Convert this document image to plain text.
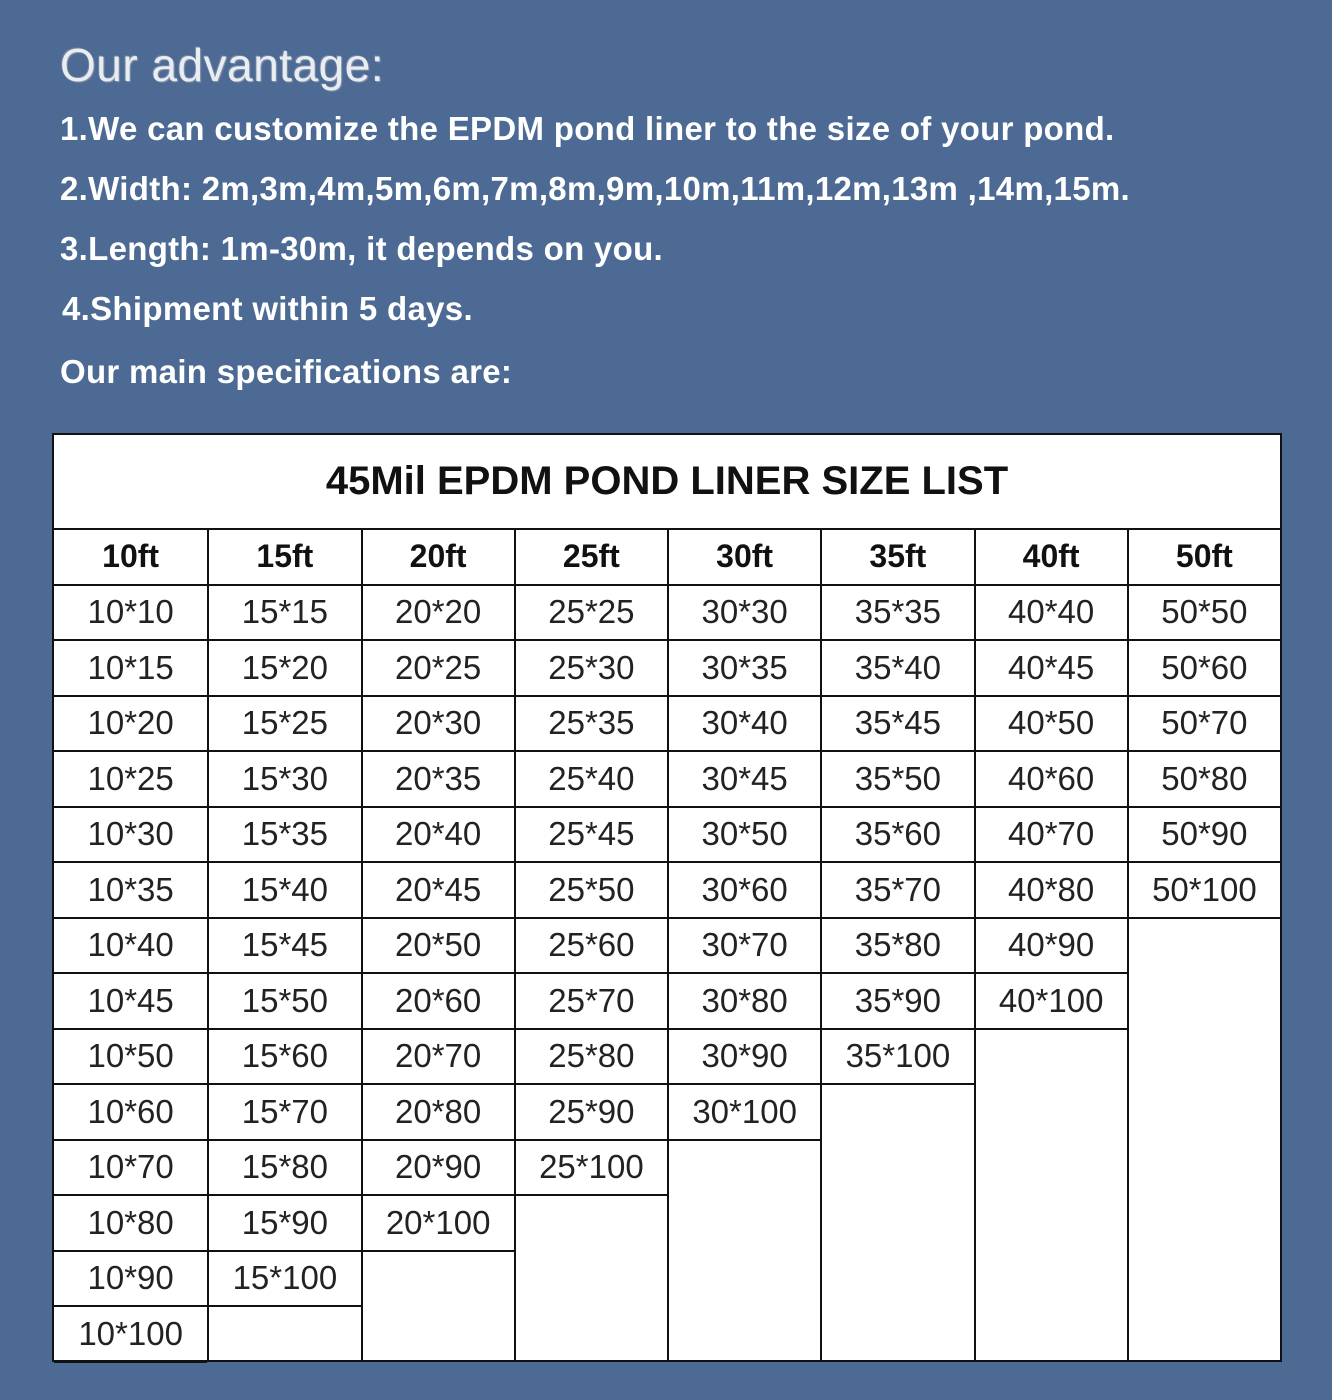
Our advantage:
1.We can customize the EPDM pond liner to the size of your pond.
2.Width: 2m,3m,4m,5m,6m,7m,8m,9m,10m,11m,12m,13m ,14m,15m.
3.Length: 1m-30m, it depends on you.
4.Shipment within 5 days.
Our main specifications are:
45Mil EPDM POND LINER SIZE LIST
10ft
10*10
10*15
10*20
10*25
10*30
10*35
10*40
10*45
10*50
10*60
10*70
10*80
10*90
10*100
15ft
15*15
15*20
15*25
15*30
15*35
15*40
15*45
15*50
15*60
15*70
15*80
15*90
15*100
20ft
20*20
20*25
20*30
20*35
20*40
20*45
20*50
20*60
20*70
20*80
20*90
20*100
25ft
25*25
25*30
25*35
25*40
25*45
25*50
25*60
25*70
25*80
25*90
25*100
30ft
30*30
30*35
30*40
30*45
30*50
30*60
30*70
30*80
30*90
30*100
35ft
35*35
35*40
35*45
35*50
35*60
35*70
35*80
35*90
35*100
40ft
40*40
40*45
40*50
40*60
40*70
40*80
40*90
40*100
50ft
50*50
50*60
50*70
50*80
50*90
50*100
